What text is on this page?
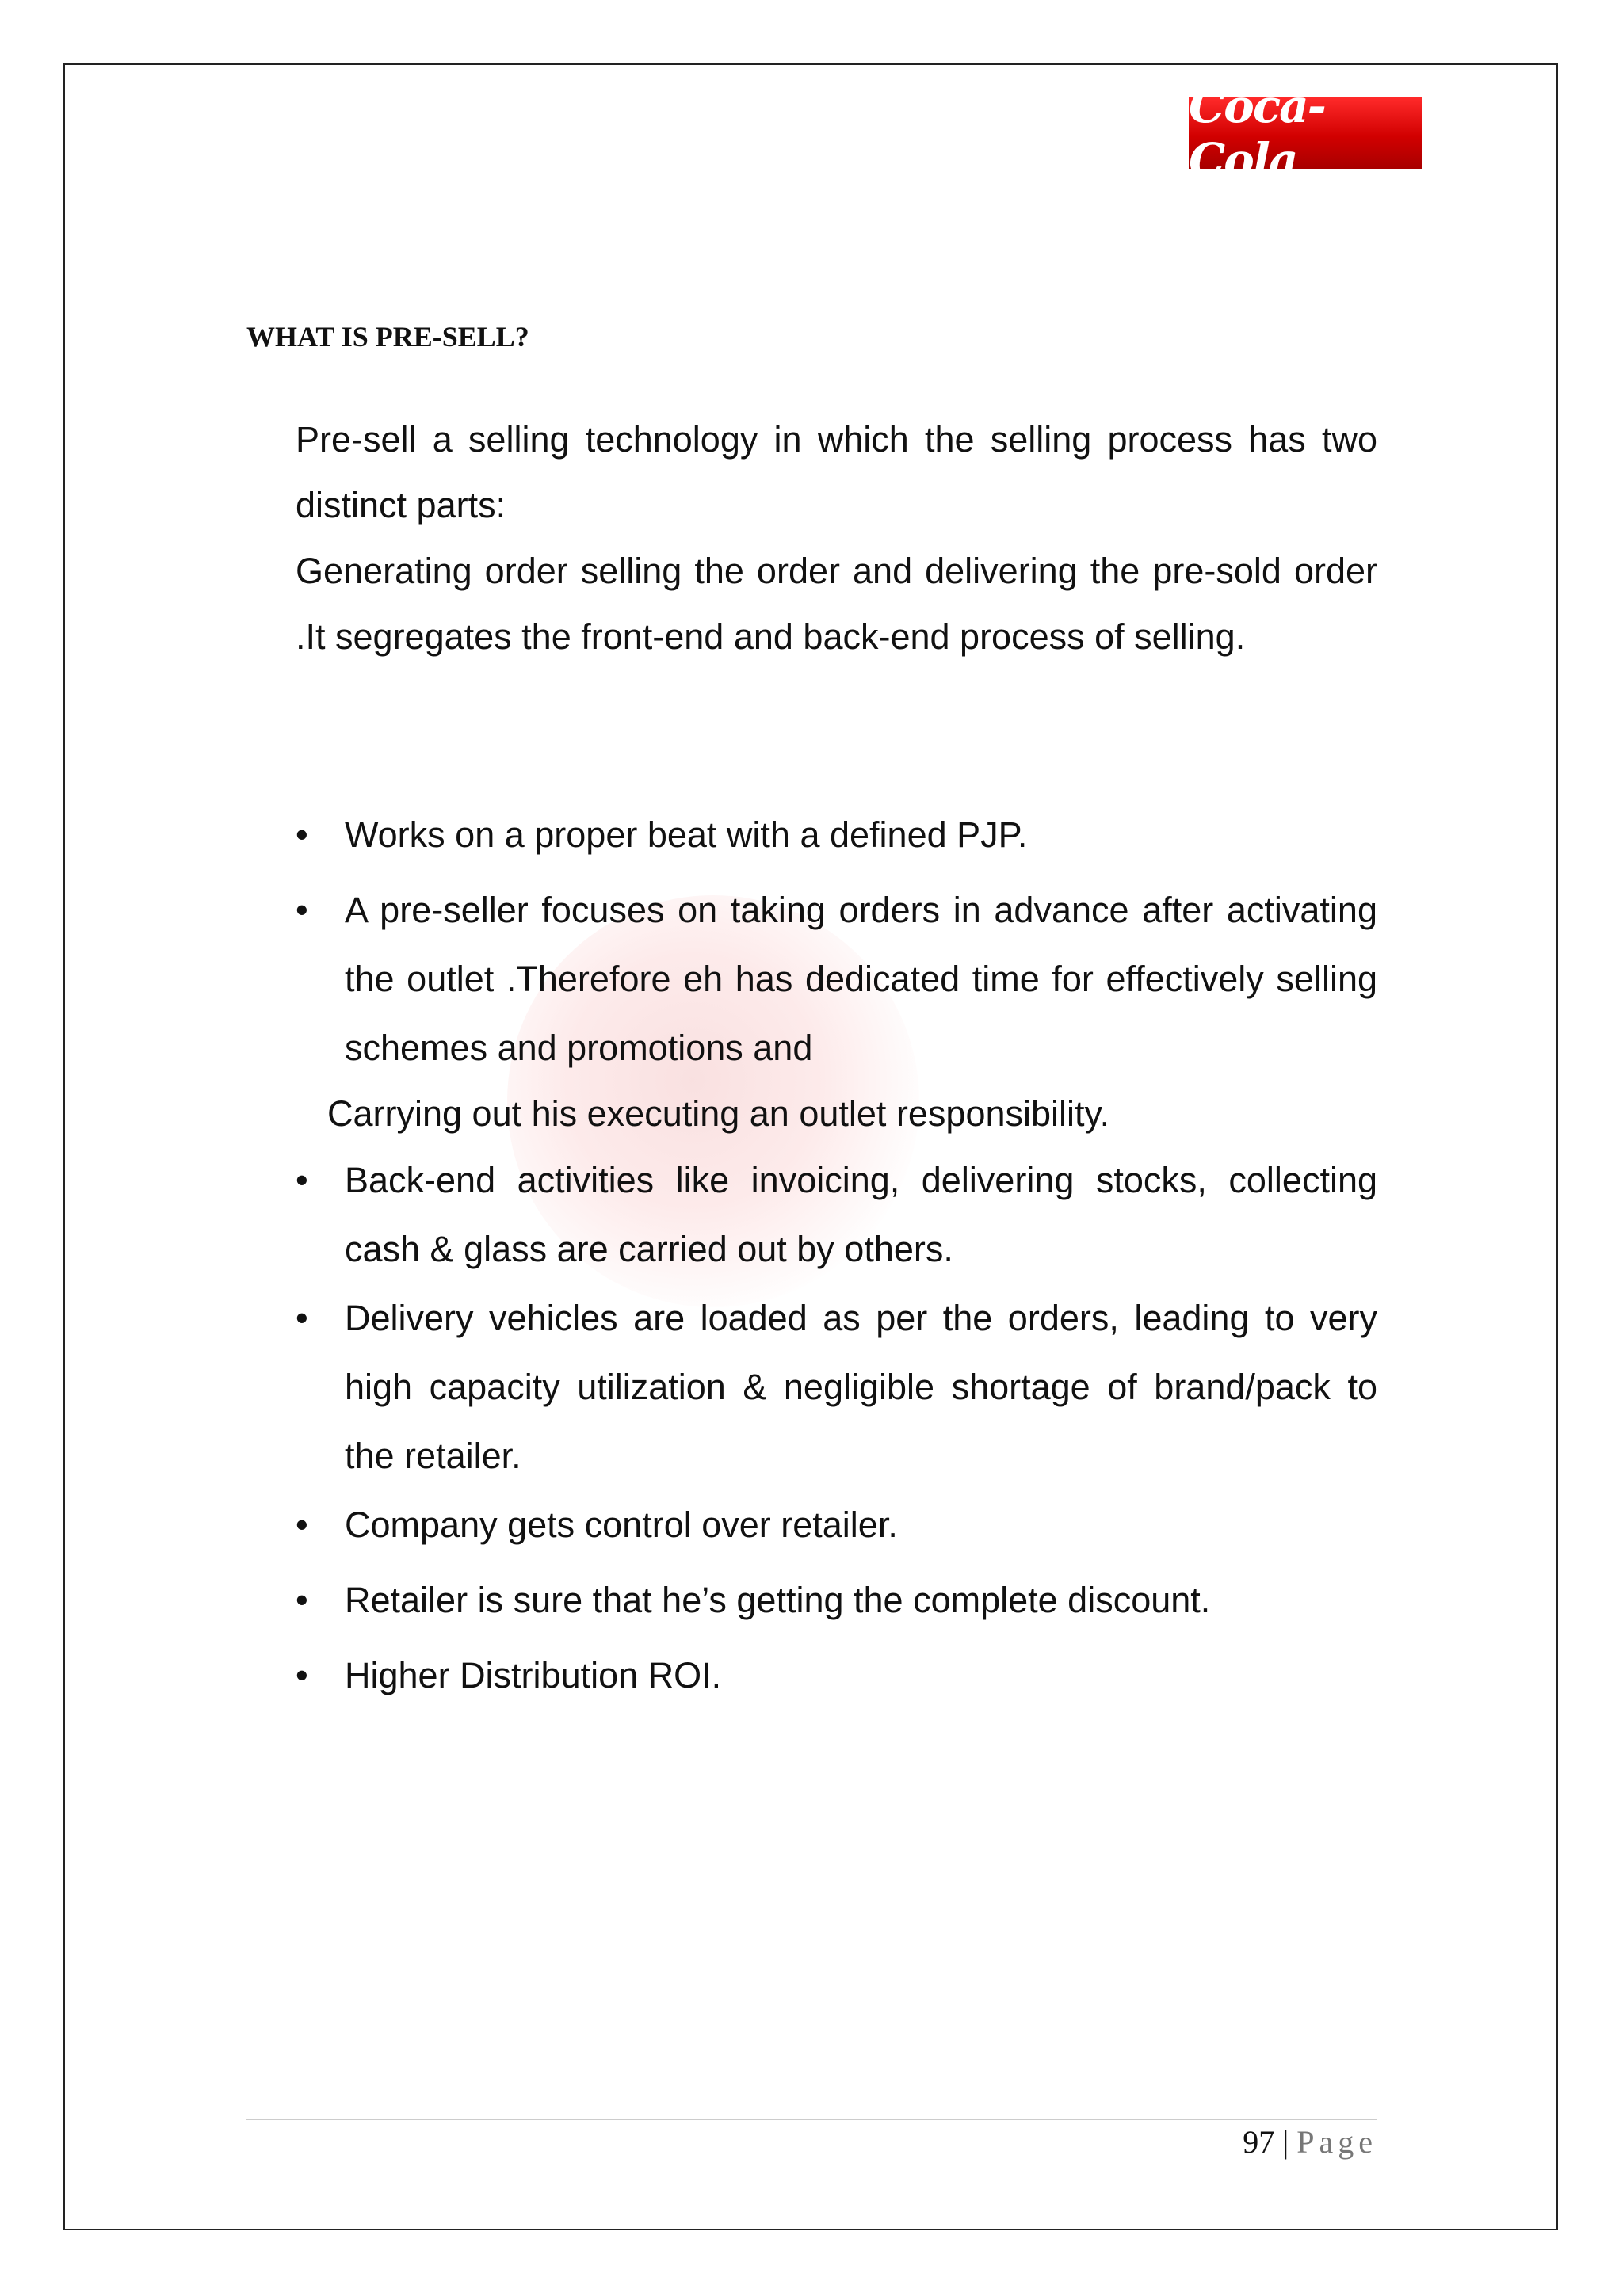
Coca-Cola
WHAT IS PRE-SELL?

Pre-sell a selling technology in which the selling process has two distinct parts:

Generating order selling the order and delivering the pre-sold order .It segregates the front-end and back-end process of selling.

• Works on a proper beat with a defined PJP.
• A pre-seller focuses on taking orders in advance after activating the outlet .Therefore eh has dedicated time for effectively selling schemes and promotions and
Carrying out his executing an outlet responsibility.
• Back-end activities like invoicing, delivering stocks, collecting cash & glass are carried out by others.
• Delivery vehicles are loaded as per the orders, leading to very high capacity utilization & negligible shortage of brand/pack to the retailer.
• Company gets control over retailer.
• Retailer is sure that he’s getting the complete discount.
• Higher Distribution ROI.
97 | Page
